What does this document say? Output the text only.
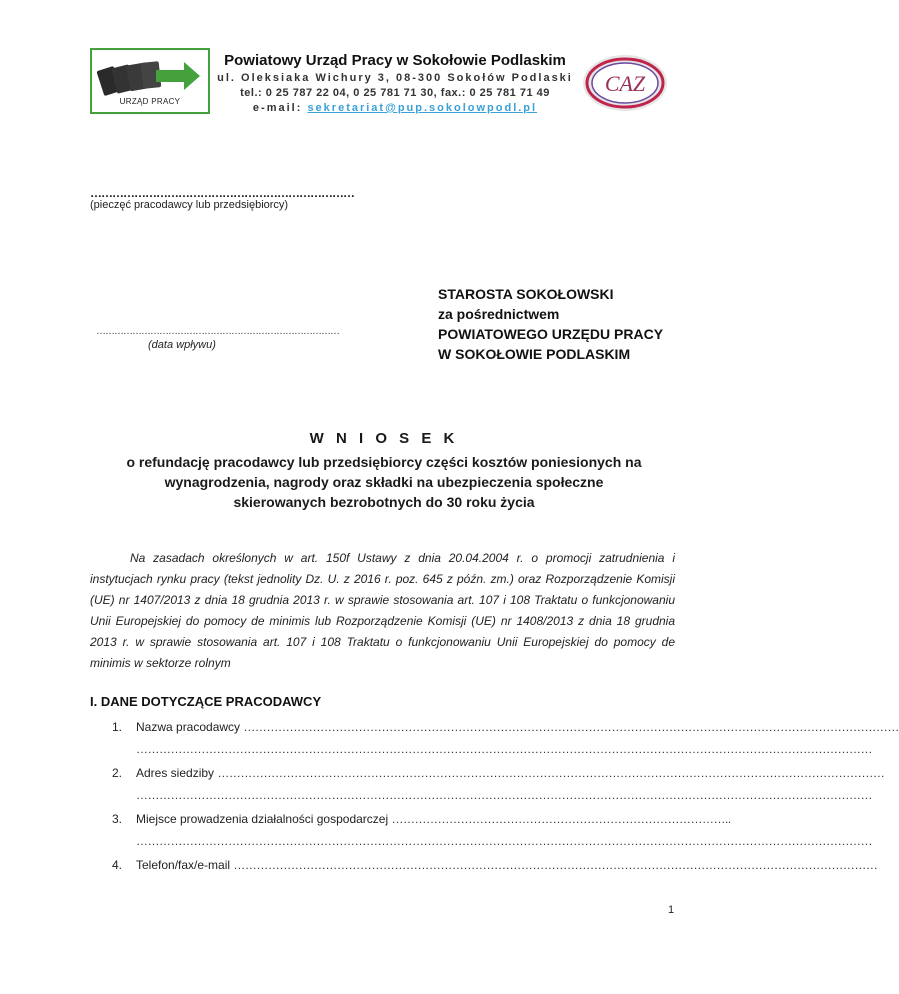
URZĄD PRACY
Powiatowy Urząd Pracy w Sokołowie Podlaskim
ul. Oleksiaka Wichury 3, 08-300 Sokołów Podlaski
tel.: 0 25 787 22 04, 0 25 781 71 30, fax.: 0 25 781 71 49
e-mail: sekretariat@pup.sokolowpodl.pl
CAZ
………………………………………………………………
(pieczęć pracodawcy lub przedsiębiorcy)
………………………………………………………………………
(data wpływu)
STAROSTA SOKOŁOWSKI
za pośrednictwem
POWIATOWEGO URZĘDU PRACY
W SOKOŁOWIE PODLASKIM
W N I O S E K
o refundację pracodawcy lub przedsiębiorcy części kosztów poniesionych na
wynagrodzenia, nagrody oraz składki na ubezpieczenia społeczne
skierowanych bezrobotnych do 30 roku życia
Na zasadach określonych w art. 150f Ustawy z dnia 20.04.2004 r. o promocji zatrudnienia i instytucjach rynku pracy (tekst jednolity Dz. U. z 2016 r. poz. 645 z późn. zm.) oraz Rozporządzenie Komisji (UE) nr 1407/2013 z dnia 18 grudnia 2013 r. w sprawie stosowania art. 107 i 108 Traktatu o funkcjonowaniu Unii Europejskiej do pomocy de minimis lub Rozporządzenie Komisji (UE) nr 1408/2013 z dnia 18 grudnia 2013 r. w sprawie stosowania art. 107 i 108 Traktatu o funkcjonowaniu Unii Europejskiej do pomocy de minimis w sektorze rolnym
I. DANE DOTYCZĄCE PRACODAWCY
1. Nazwa pracodawcy ………………………………………………………………………………………………………………………………………………………
…………………………………………………………………………………………………………………………………………………………………………
2. Adres siedziby …………………………………………………………………………………………………………………………………………………………
…………………………………………………………………………………………………………………………………………………………………………
3. Miejsce prowadzenia działalności gospodarczej ……………………………………………………………………………..
…………………………………………………………………………………………………………………………………………………………………………
4. Telefon/fax/e-mail ……………………………………………………………………………………………………………………………………………………
1
